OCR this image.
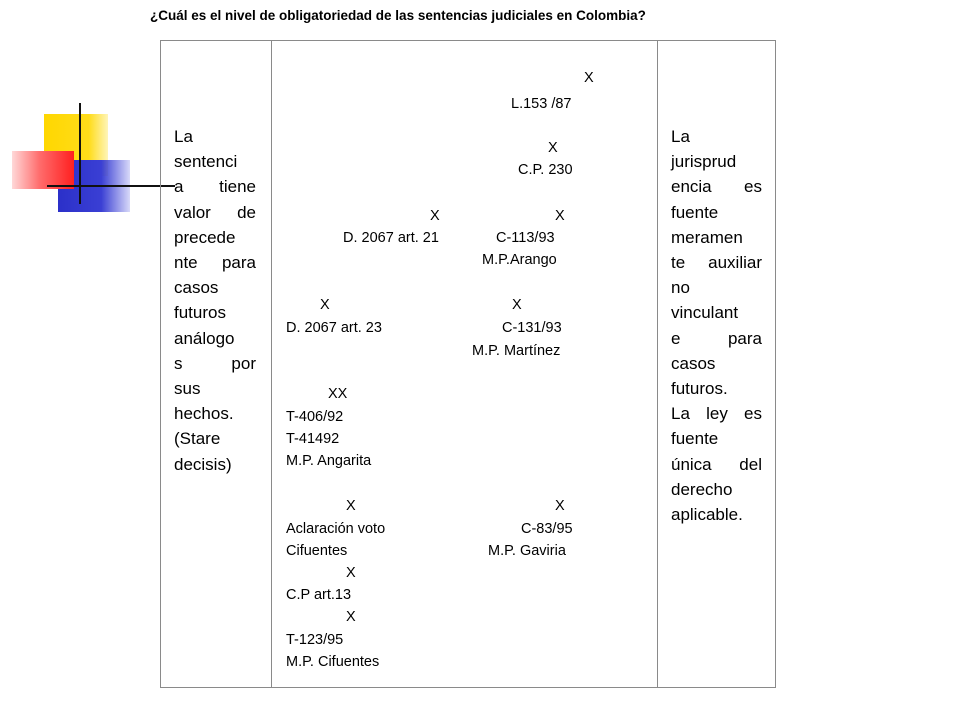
¿Cuál es el nivel de obligatoriedad de las sentencias judiciales en Colombia?
La
sentenci
a tiene
valor de
precede
nte para
casos
futuros
análogo
s por
sus
hechos.
(Stare
decisis)
La
jurisprud
encia es
fuente
meramen
te auxiliar
no
vinculant
e para
casos
futuros.
La ley es
fuente
única del
derecho
aplicable.
X
L.153 /87
X
C.P. 230
X
D. 2067 art. 21
X
C-113/93
M.P.Arango
X
D. 2067 art. 23
X
C-131/93
M.P. Martínez
XX
T-406/92
T-41492
M.P. Angarita
X
Aclaración voto
Cifuentes
X
C-83/95
M.P. Gaviria
X
C.P art.13
X
T-123/95
M.P. Cifuentes
